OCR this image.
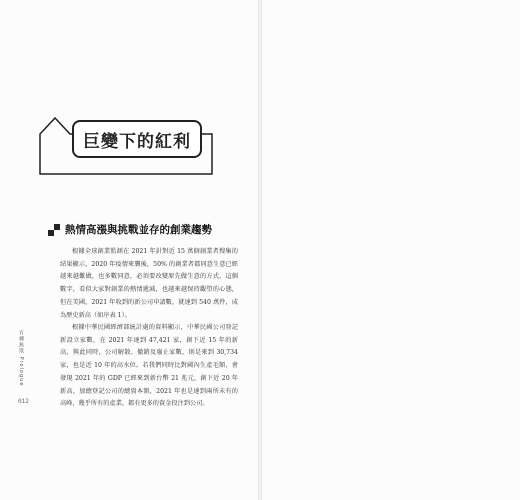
巨變下的紅利
熱情高漲與挑戰並存的創業趨勢

根據全球創業監測在 2021 年針對近 15 萬個創業者搜集的結果顯示，2020 年疫情來襲後，50% 的創業者都同意生意已經越來越難做，也多數同意，必須要改變原先做生意的方式，這個數字，看似大家對創業的熱情遞減，也越來越保持觀望的心態，但在美國，2021 年收到的新公司申請數，就達到 540 萬件，成為歷史新高（如序表 1）。

根據中華民國經濟部統計處的資料顯示，中華民國公司登記新設立家數，在 2021 年達到 47,421 家，創下近 15 年的新高，與此同時，公司解散、撤銷及廢止家數，則是來到 30,734 家，也是近 10 年的高水位。若我們同時比對國內生產毛額，會發現 2021 年的 GDP 已經來到新台幣 21 兆元，創下近 20 年新高，加總登記公司的總資本額，2021 年也是達到兩所未有的高峰，幾乎所有的產業，都有更多的資金投注到公司。

有種無欺 Prologue
012
